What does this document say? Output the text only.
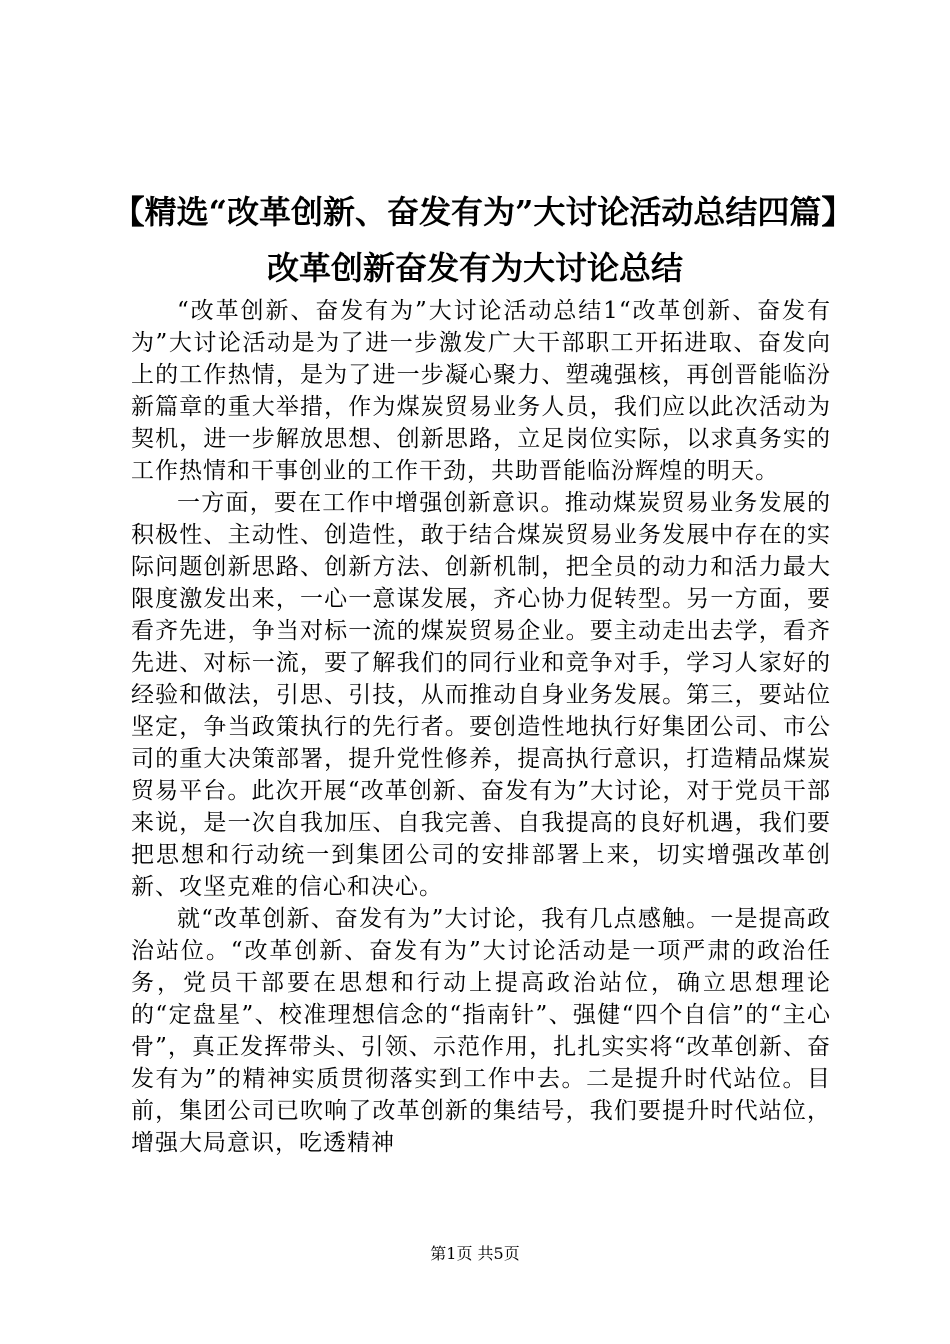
【精选“改革创新、奋发有为”大讨论活动总结四篇】改革创新奋发有为大讨论总结

“改革创新、奋发有为”大讨论活动总结1“改革创新、奋发有为”大讨论活动是为了进一步激发广大干部职工开拓进取、奋发向上的工作热情，是为了进一步凝心聚力、塑魂强核，再创晋能临汾新篇章的重大举措，作为煤炭贸易业务人员，我们应以此次活动为契机，进一步解放思想、创新思路，立足岗位实际，以求真务实的工作热情和干事创业的工作干劲，共助晋能临汾辉煌的明天。

一方面，要在工作中增强创新意识。推动煤炭贸易业务发展的积极性、主动性、创造性，敢于结合煤炭贸易业务发展中存在的实际问题创新思路、创新方法、创新机制，把全员的动力和活力最大限度激发出来，一心一意谋发展，齐心协力促转型。另一方面，要看齐先进，争当对标一流的煤炭贸易企业。要主动走出去学，看齐先进、对标一流，要了解我们的同行业和竞争对手，学习人家好的经验和做法，引思、引技，从而推动自身业务发展。第三，要站位坚定，争当政策执行的先行者。要创造性地执行好集团公司、市公司的重大决策部署，提升党性修养，提高执行意识，打造精品煤炭贸易平台。此次开展“改革创新、奋发有为”大讨论，对于党员干部来说，是一次自我加压、自我完善、自我提高的良好机遇，我们要把思想和行动统一到集团公司的安排部署上来，切实增强改革创新、攻坚克难的信心和决心。

就“改革创新、奋发有为”大讨论，我有几点感触。一是提高政治站位。“改革创新、奋发有为”大讨论活动是一项严肃的政治任务，党员干部要在思想和行动上提高政治站位，确立思想理论的“定盘星”、校准理想信念的“指南针”、强健“四个自信”的“主心骨”，真正发挥带头、引领、示范作用，扎扎实实将“改革创新、奋发有为”的精神实质贯彻落实到工作中去。二是提升时代站位。目前，集团公司已吹响了改革创新的集结号，我们要提升时代站位，增强大局意识，吃透精神

第1页 共5页
